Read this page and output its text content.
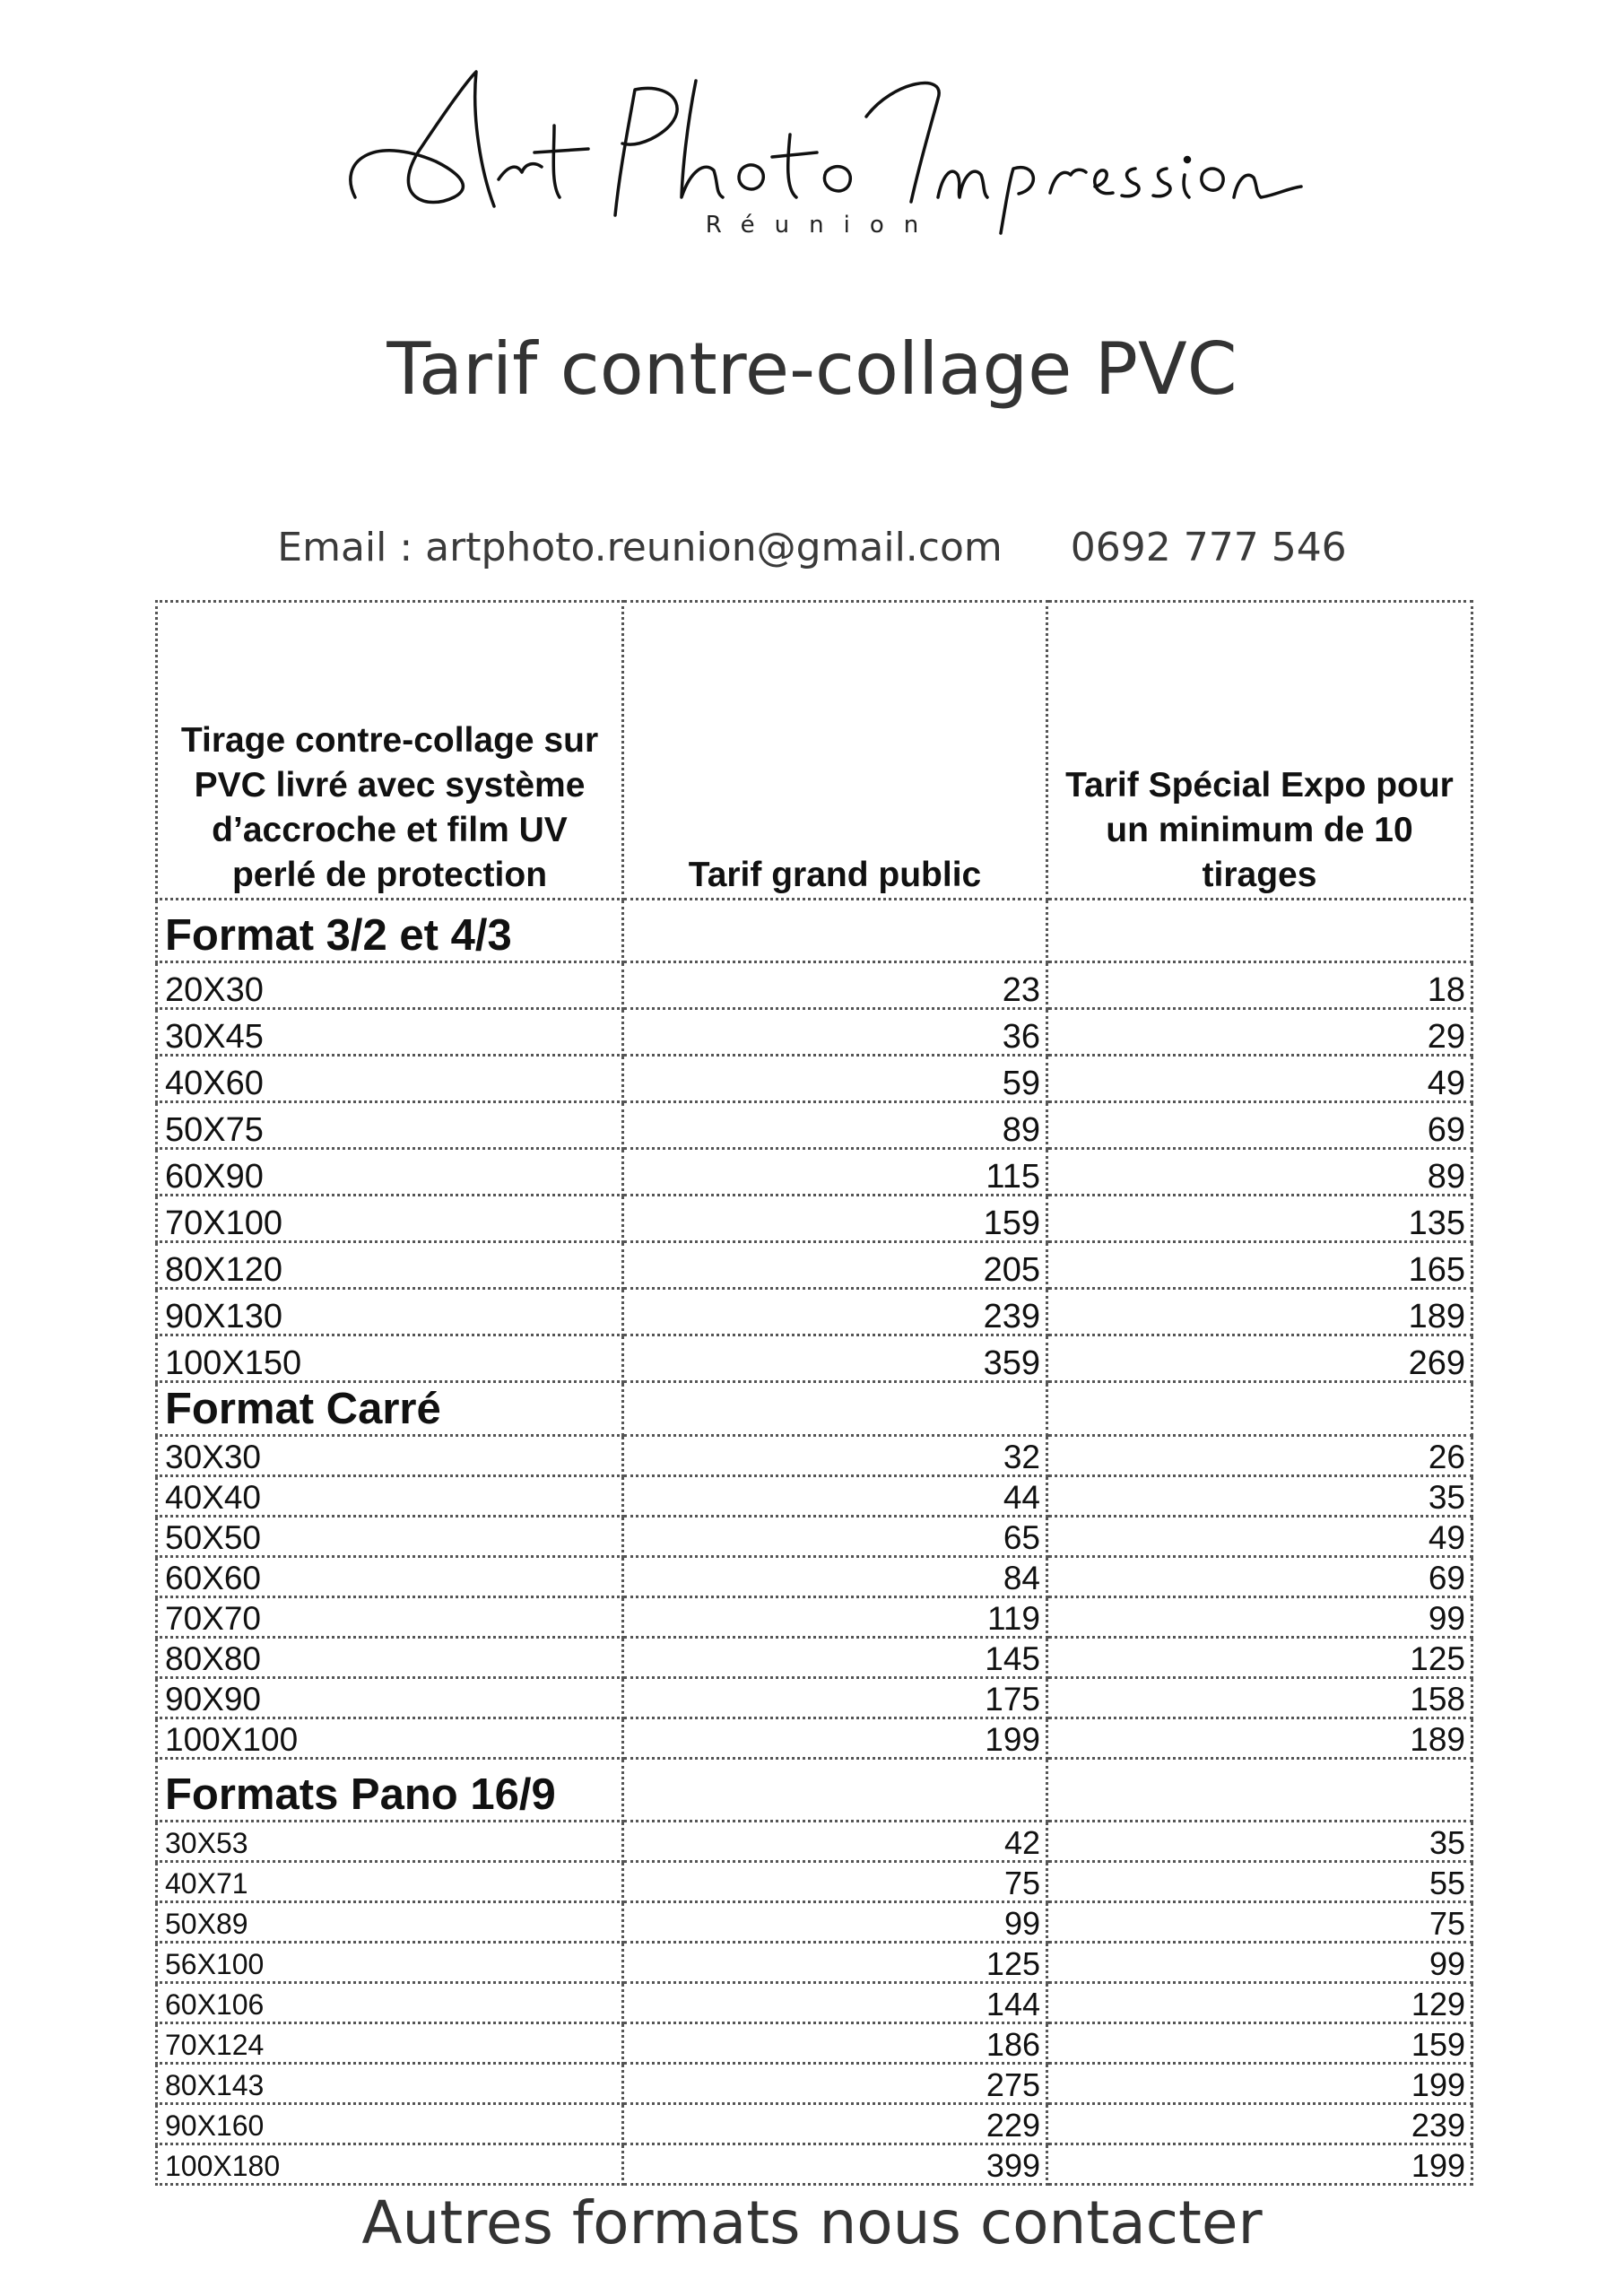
Réunion
Tarif contre-collage PVC
Email : artphoto.reunion@gmail.com 0692 777 546
Tirage contre-collage sur PVC livré avec système d’accroche et film UV perlé de protection	Tarif grand public	Tarif Spécial Expo pour un minimum de 10 tirages
Format 3/2 et 4/3		
20X30	23	18
30X45	36	29
40X60	59	49
50X75	89	69
60X90	115	89
70X100	159	135
80X120	205	165
90X130	239	189
100X150	359	269
Format Carré		
30X30	32	26
40X40	44	35
50X50	65	49
60X60	84	69
70X70	119	99
80X80	145	125
90X90	175	158
100X100	199	189
Formats Pano 16/9		
30X53	42	35
40X71	75	55
50X89	99	75
56X100	125	99
60X106	144	129
70X124	186	159
80X143	275	199
90X160	229	239
100X180	399	199
Autres formats nous contacter
